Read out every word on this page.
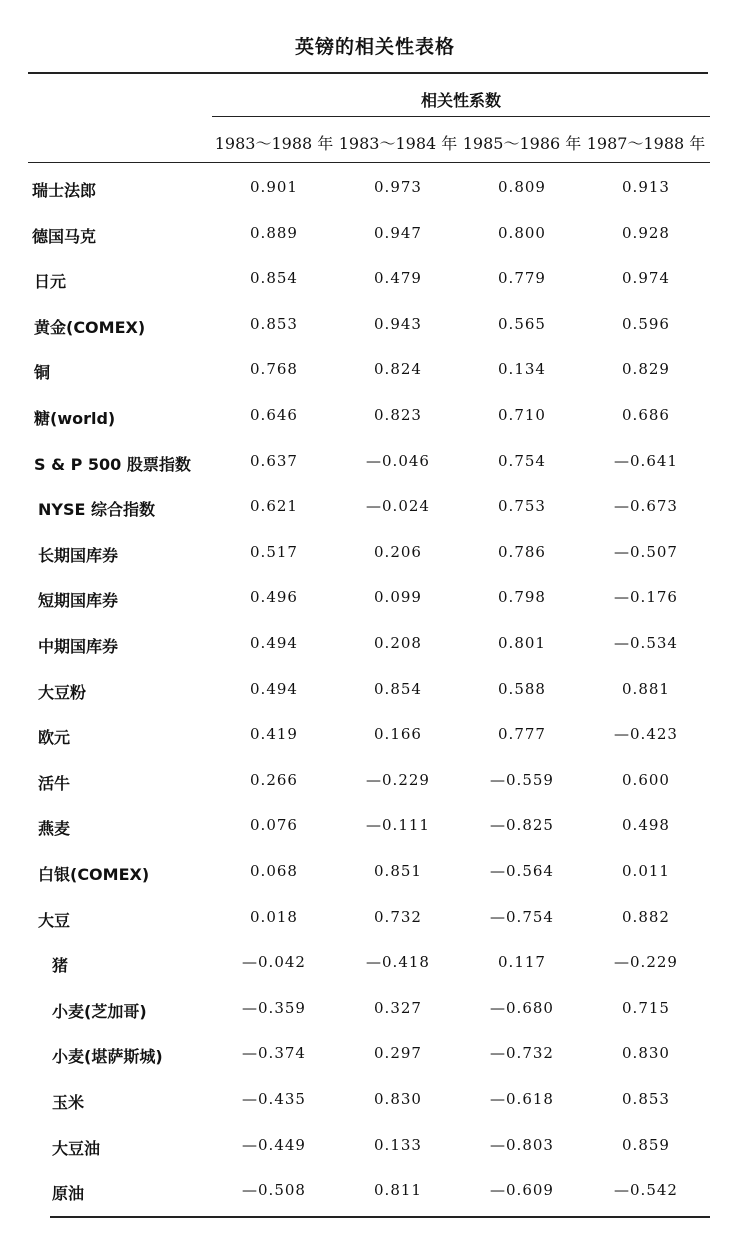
英镑的相关性表格
相关性系数
1983～1988 年 1983～1984 年 1985～1986 年 1987～1988 年
瑞士法郎	0.901	0.973	0.809	0.913
德国马克	0.889	0.947	0.800	0.928
日元	0.854	0.479	0.779	0.974
黄金(COMEX)	0.853	0.943	0.565	0.596
铜	0.768	0.824	0.134	0.829
糖(world)	0.646	0.823	0.710	0.686
S & P 500 股票指数	0.637	—0.046	0.754	—0.641
NYSE 综合指数	0.621	—0.024	0.753	—0.673
长期国库券	0.517	0.206	0.786	—0.507
短期国库券	0.496	0.099	0.798	—0.176
中期国库券	0.494	0.208	0.801	—0.534
大豆粉	0.494	0.854	0.588	0.881
欧元	0.419	0.166	0.777	—0.423
活牛	0.266	—0.229	—0.559	0.600
燕麦	0.076	—0.111	—0.825	0.498
白银(COMEX)	0.068	0.851	—0.564	0.011
大豆	0.018	0.732	—0.754	0.882
猪	—0.042	—0.418	0.117	—0.229
小麦(芝加哥)	—0.359	0.327	—0.680	0.715
小麦(堪萨斯城)	—0.374	0.297	—0.732	0.830
玉米	—0.435	0.830	—0.618	0.853
大豆油	—0.449	0.133	—0.803	0.859
原油	—0.508	0.811	—0.609	—0.542
